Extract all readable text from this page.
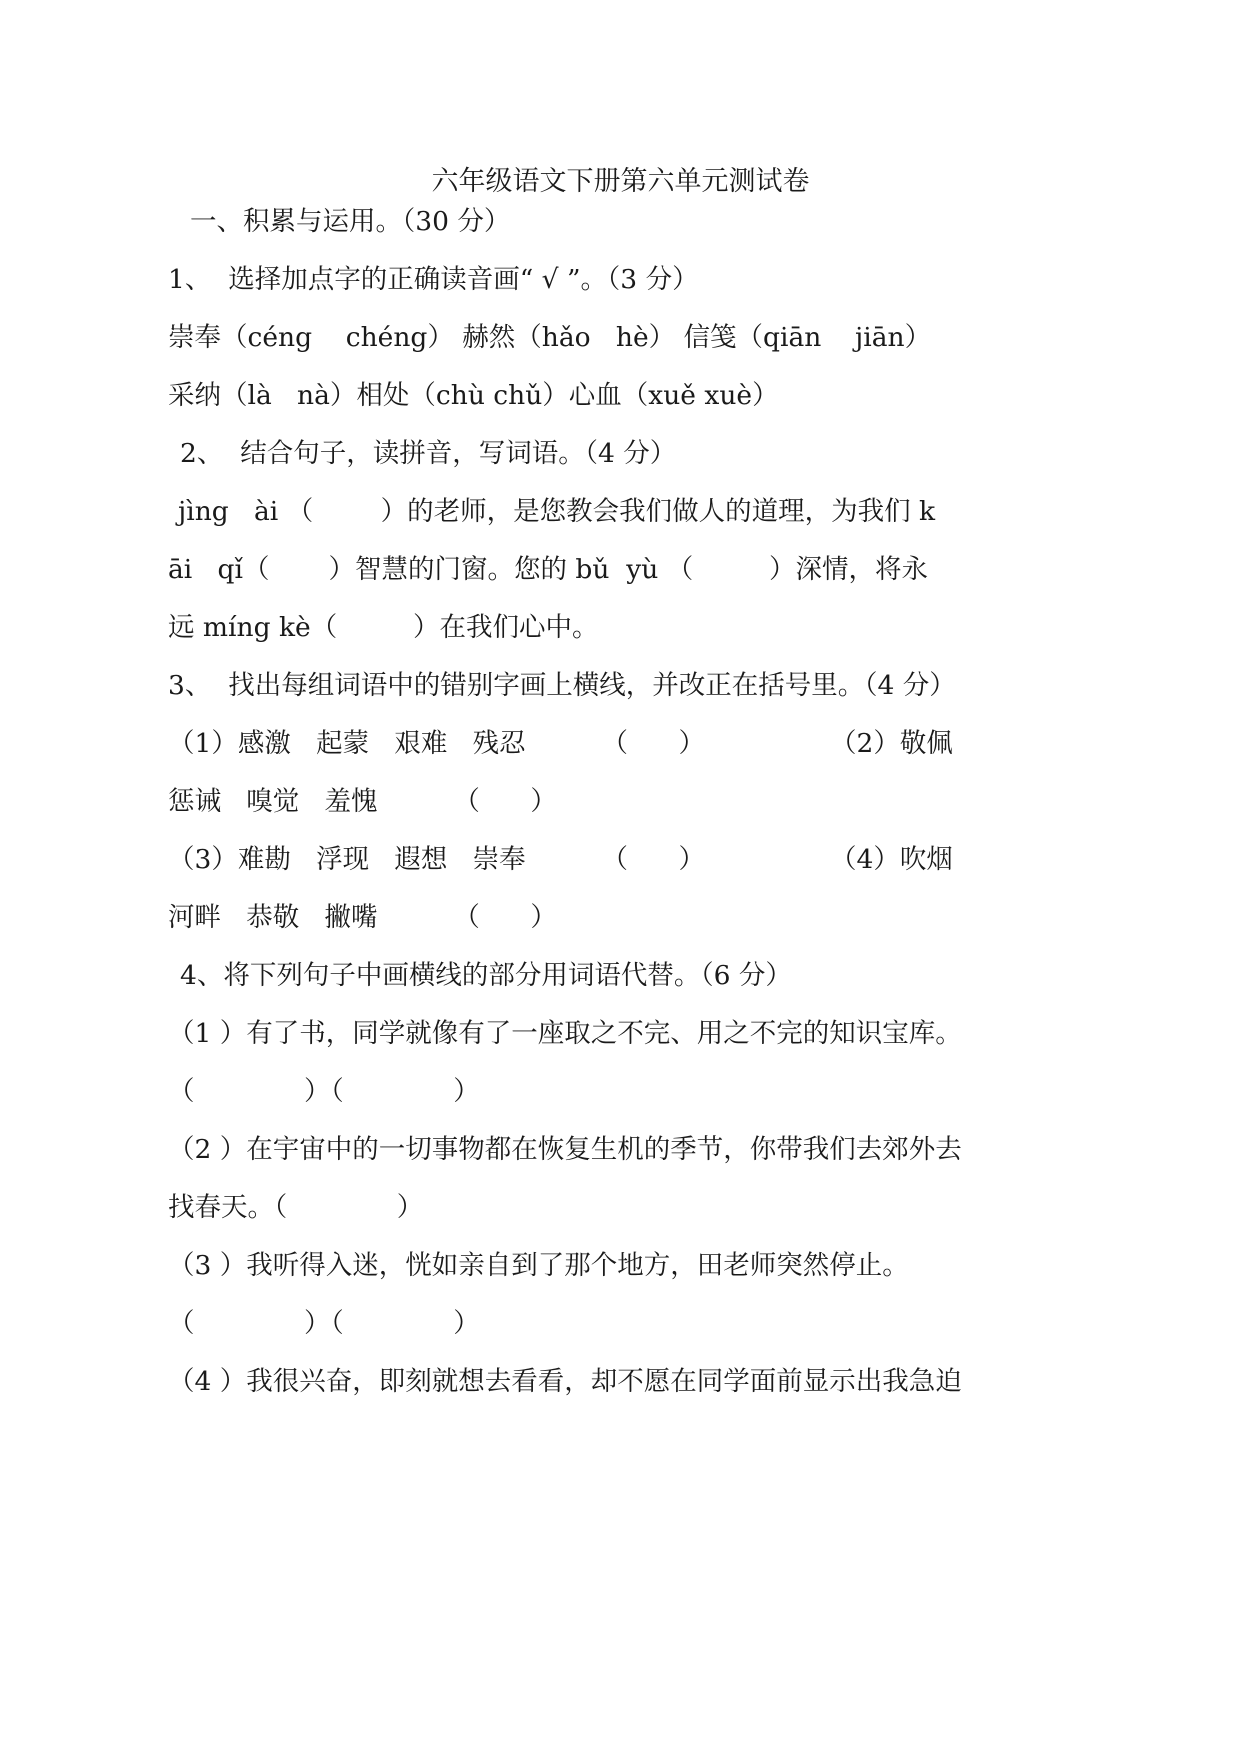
六年级语文下册第六单元测试卷
一、积累与运用。（30 分）
1、  选择加点字的正确读音画“ √ ”。（3 分）
崇奉（céng    chéng） 赫然（hǎo   hè） 信笺（qiān    jiān）
采纳（là   nà）相处（chù chǔ）心血（xuě xuè）
2、  结合句子，读拼音，写词语。（4 分）
jìng   ài （        ）的老师，是您教会我们做人的道理，为我们 k
āi   qǐ（       ）智慧的门窗。您的 bǔ  yù （         ）深情，将永
远 míng kè（         ）在我们心中。
3、  找出每组词语中的错别字画上横线，并改正在括号里。（4 分）
（1）感激   起蒙   艰难   残忍         （      ）	（2）敬佩
惩诫   嗅觉   羞愧         （      ）
（3）难勘   浮现   遐想   崇奉         （      ）	（4）吹烟
河畔   恭敬   撇嘴         （      ）
4、将下列句子中画横线的部分用词语代替。（6 分）
（1 ）有了书，同学就像有了一座取之不完、用之不完的知识宝库。
（             ）（             ）
（2 ）在宇宙中的一切事物都在恢复生机的季节，你带我们去郊外去
找春天。（             ）
（3 ）我听得入迷，恍如亲自到了那个地方，田老师突然停止。
（             ）（             ）
（4 ）我很兴奋，即刻就想去看看，却不愿在同学面前显示出我急迫
